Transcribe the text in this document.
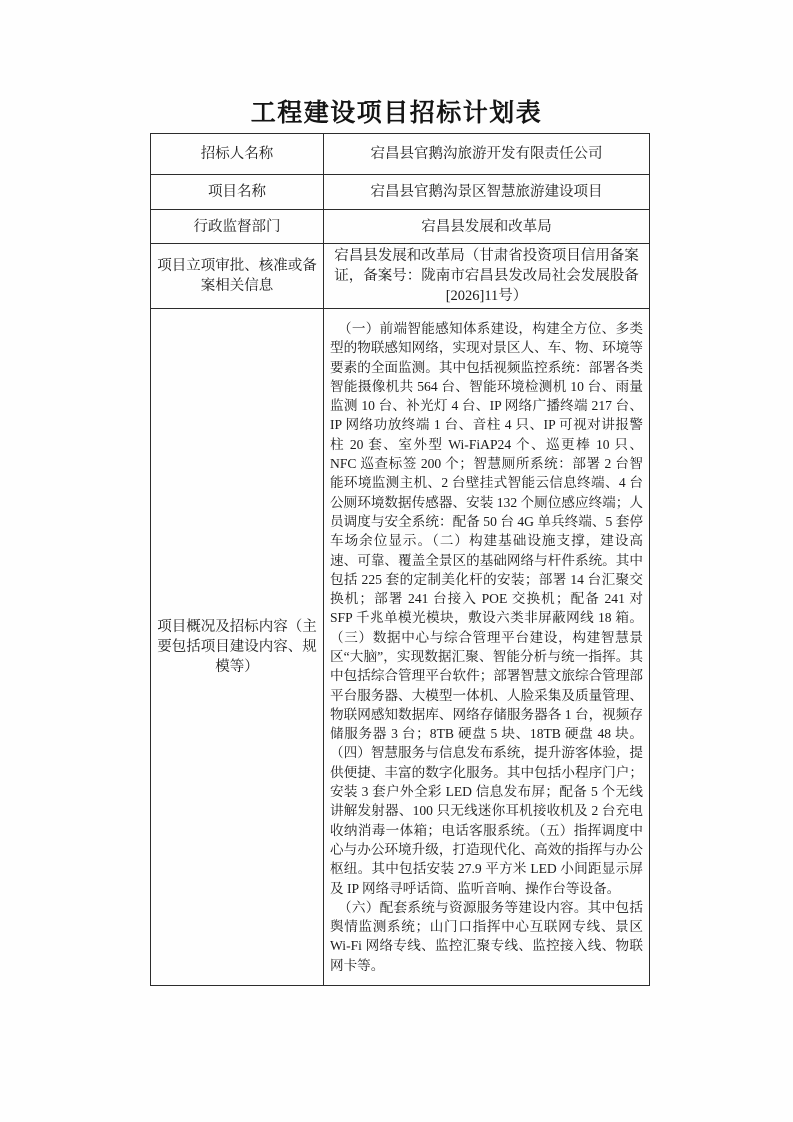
工程建设项目招标计划表
招标人名称	宕昌县官鹅沟旅游开发有限责任公司
项目名称	宕昌县官鹅沟景区智慧旅游建设项目
行政监督部门	宕昌县发展和改革局
项目立项审批、核准或备案相关信息	宕昌县发展和改革局（甘肃省投资项目信用备案证，备案号：陇南市宕昌县发改局社会发展股备[2026]11号）
项目概况及招标内容（主要包括项目建设内容、规模等）	（一）前端智能感知体系建设，构建全方位、多类型的物联感知网络，实现对景区人、车、物、环境等要素的全面监测。其中包括视频监控系统：部署各类智能摄像机共 564 台、智能环境检测机 10 台、雨量监测 10 台、补光灯 4 台、IP 网络广播终端 217 台、IP 网络功放终端 1 台、音柱 4 只、IP 可视对讲报警柱 20 套、室外型 Wi-FiAP24 个、巡更棒 10 只、NFC 巡查标签 200 个；智慧厕所系统：部署 2 台智能环境监测主机、2 台壁挂式智能云信息终端、4 台公厕环境数据传感器、安装 132 个厕位感应终端；人员调度与安全系统：配备 50 台 4G 单兵终端、5 套停车场余位显示。（二）构建基础设施支撑，建设高速、可靠、覆盖全景区的基础网络与杆件系统。其中包括 225 套的定制美化杆的安装；部署 14 台汇聚交换机；部署 241 台接入 POE 交换机；配备 241 对 SFP 千兆单模光模块，敷设六类非屏蔽网线 18 箱。（三）数据中心与综合管理平台建设，构建智慧景区“大脑”，实现数据汇聚、智能分析与统一指挥。其中包括综合管理平台软件；部署智慧文旅综合管理部平台服务器、大模型一体机、人脸采集及质量管理、物联网感知数据库、网络存储服务器各 1 台，视频存储服务器 3 台；8TB 硬盘 5 块、18TB 硬盘 48 块。（四）智慧服务与信息发布系统，提升游客体验，提供便捷、丰富的数字化服务。其中包括小程序门户；安装 3 套户外全彩 LED 信息发布屏；配备 5 个无线讲解发射器、100 只无线迷你耳机接收机及 2 台充电收纳消毒一体箱；电话客服系统。（五）指挥调度中心与办公环境升级，打造现代化、高效的指挥与办公枢纽。其中包括安装 27.9 平方米 LED 小间距显示屏及 IP 网络寻呼话筒、监听音响、操作台等设备。

（六）配套系统与资源服务等建设内容。其中包括舆情监测系统；山门口指挥中心互联网专线、景区 Wi-Fi 网络专线、监控汇聚专线、监控接入线、物联网卡等。
